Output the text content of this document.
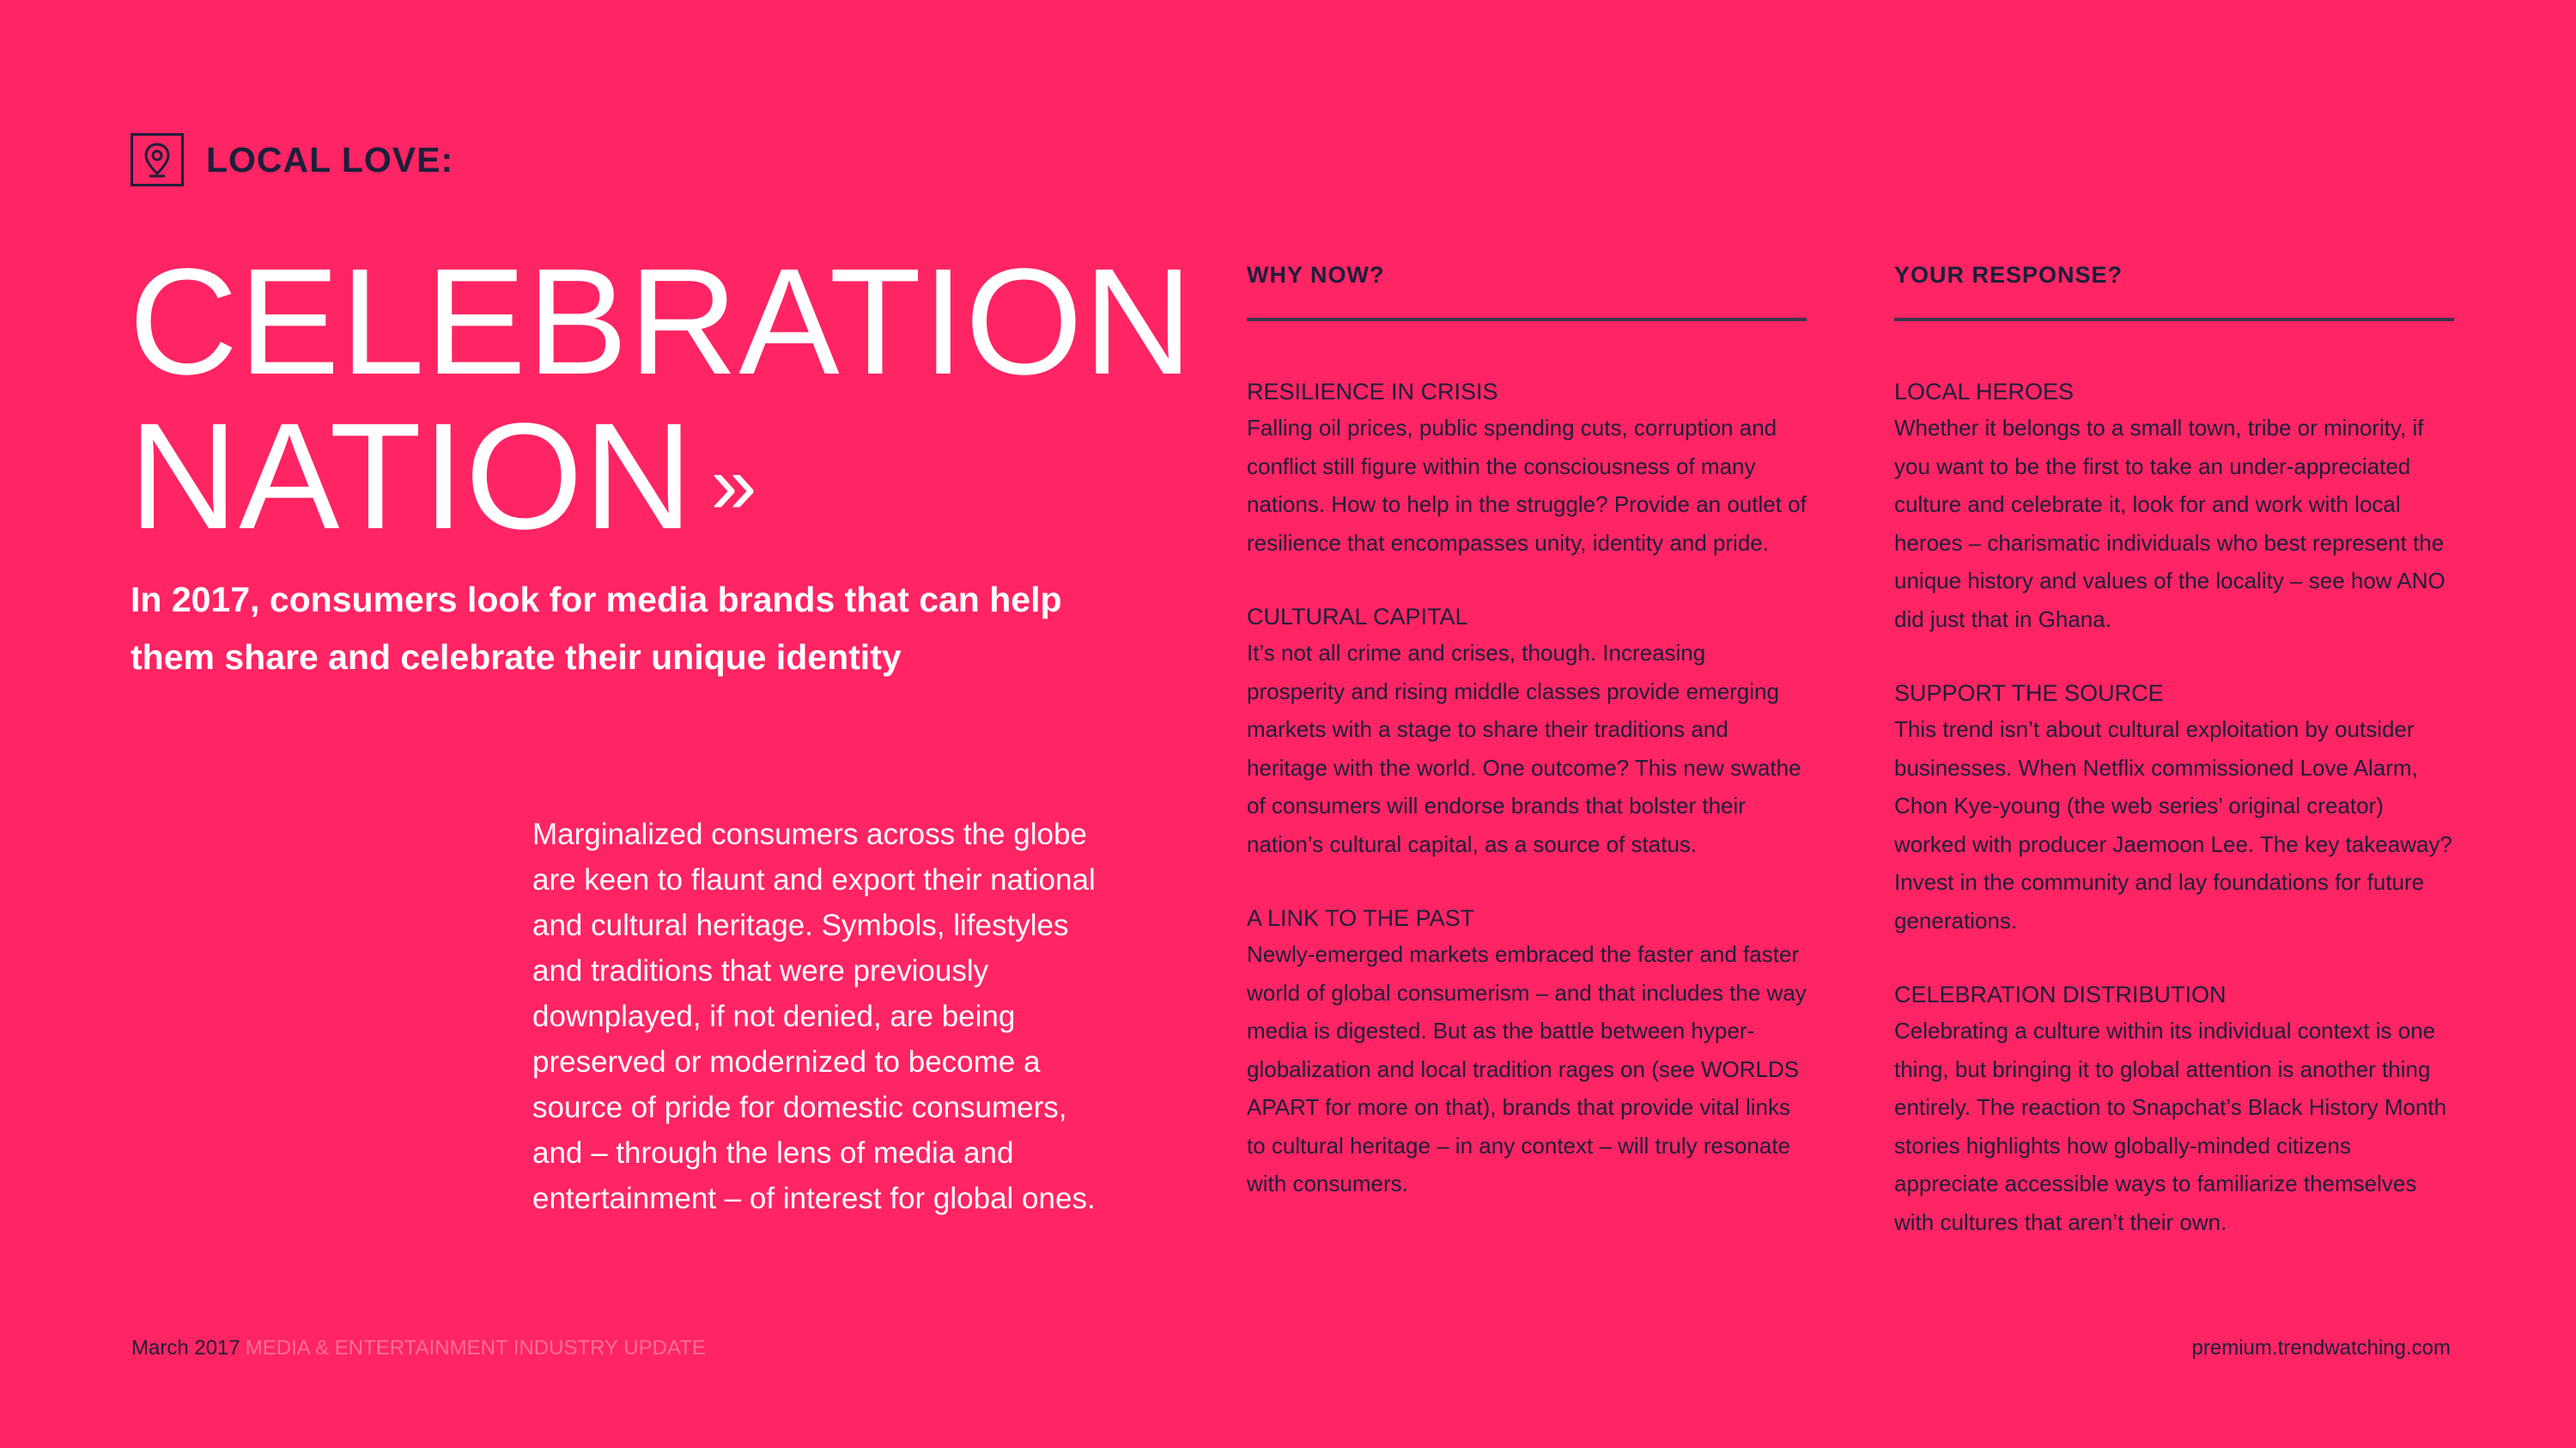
LOCAL LOVE:
CELEBRATION
NATION »
In 2017, consumers look for media brands that can help them share and celebrate their unique identity
Marginalized consumers across the globe are keen to flaunt and export their national and cultural heritage. Symbols, lifestyles and traditions that were previously downplayed, if not denied, are being preserved or modernized to become a source of pride for domestic consumers, and – through the lens of media and entertainment – of interest for global ones.
WHY NOW?
RESILIENCE IN CRISIS
Falling oil prices, public spending cuts, corruption and conflict still figure within the consciousness of many nations. How to help in the struggle? Provide an outlet of resilience that encompasses unity, identity and pride.
CULTURAL CAPITAL
It’s not all crime and crises, though. Increasing prosperity and rising middle classes provide emerging markets with a stage to share their traditions and heritage with the world. One outcome? This new swathe of consumers will endorse brands that bolster their nation’s cultural capital, as a source of status.
A LINK TO THE PAST
Newly-emerged markets embraced the faster and faster world of global consumerism – and that includes the way media is digested. But as the battle between hyper-globalization and local tradition rages on (see WORLDS APART for more on that), brands that provide vital links to cultural heritage – in any context – will truly resonate with consumers.
YOUR RESPONSE?
LOCAL HEROES
Whether it belongs to a small town, tribe or minority, if you want to be the first to take an under-appreciated culture and celebrate it, look for and work with local heroes – charismatic individuals who best represent the unique history and values of the locality – see how ANO did just that in Ghana.
SUPPORT THE SOURCE
This trend isn’t about cultural exploitation by outsider businesses. When Netflix commissioned Love Alarm, Chon Kye-young (the web series’ original creator) worked with producer Jaemoon Lee. The key takeaway? Invest in the community and lay foundations for future generations.
CELEBRATION DISTRIBUTION
Celebrating a culture within its individual context is one thing, but bringing it to global attention is another thing entirely. The reaction to Snapchat’s Black History Month stories highlights how globally-minded citizens appreciate accessible ways to familiarize themselves with cultures that aren’t their own.
March 2017 MEDIA & ENTERTAINMENT INDUSTRY UPDATE	premium.trendwatching.com
